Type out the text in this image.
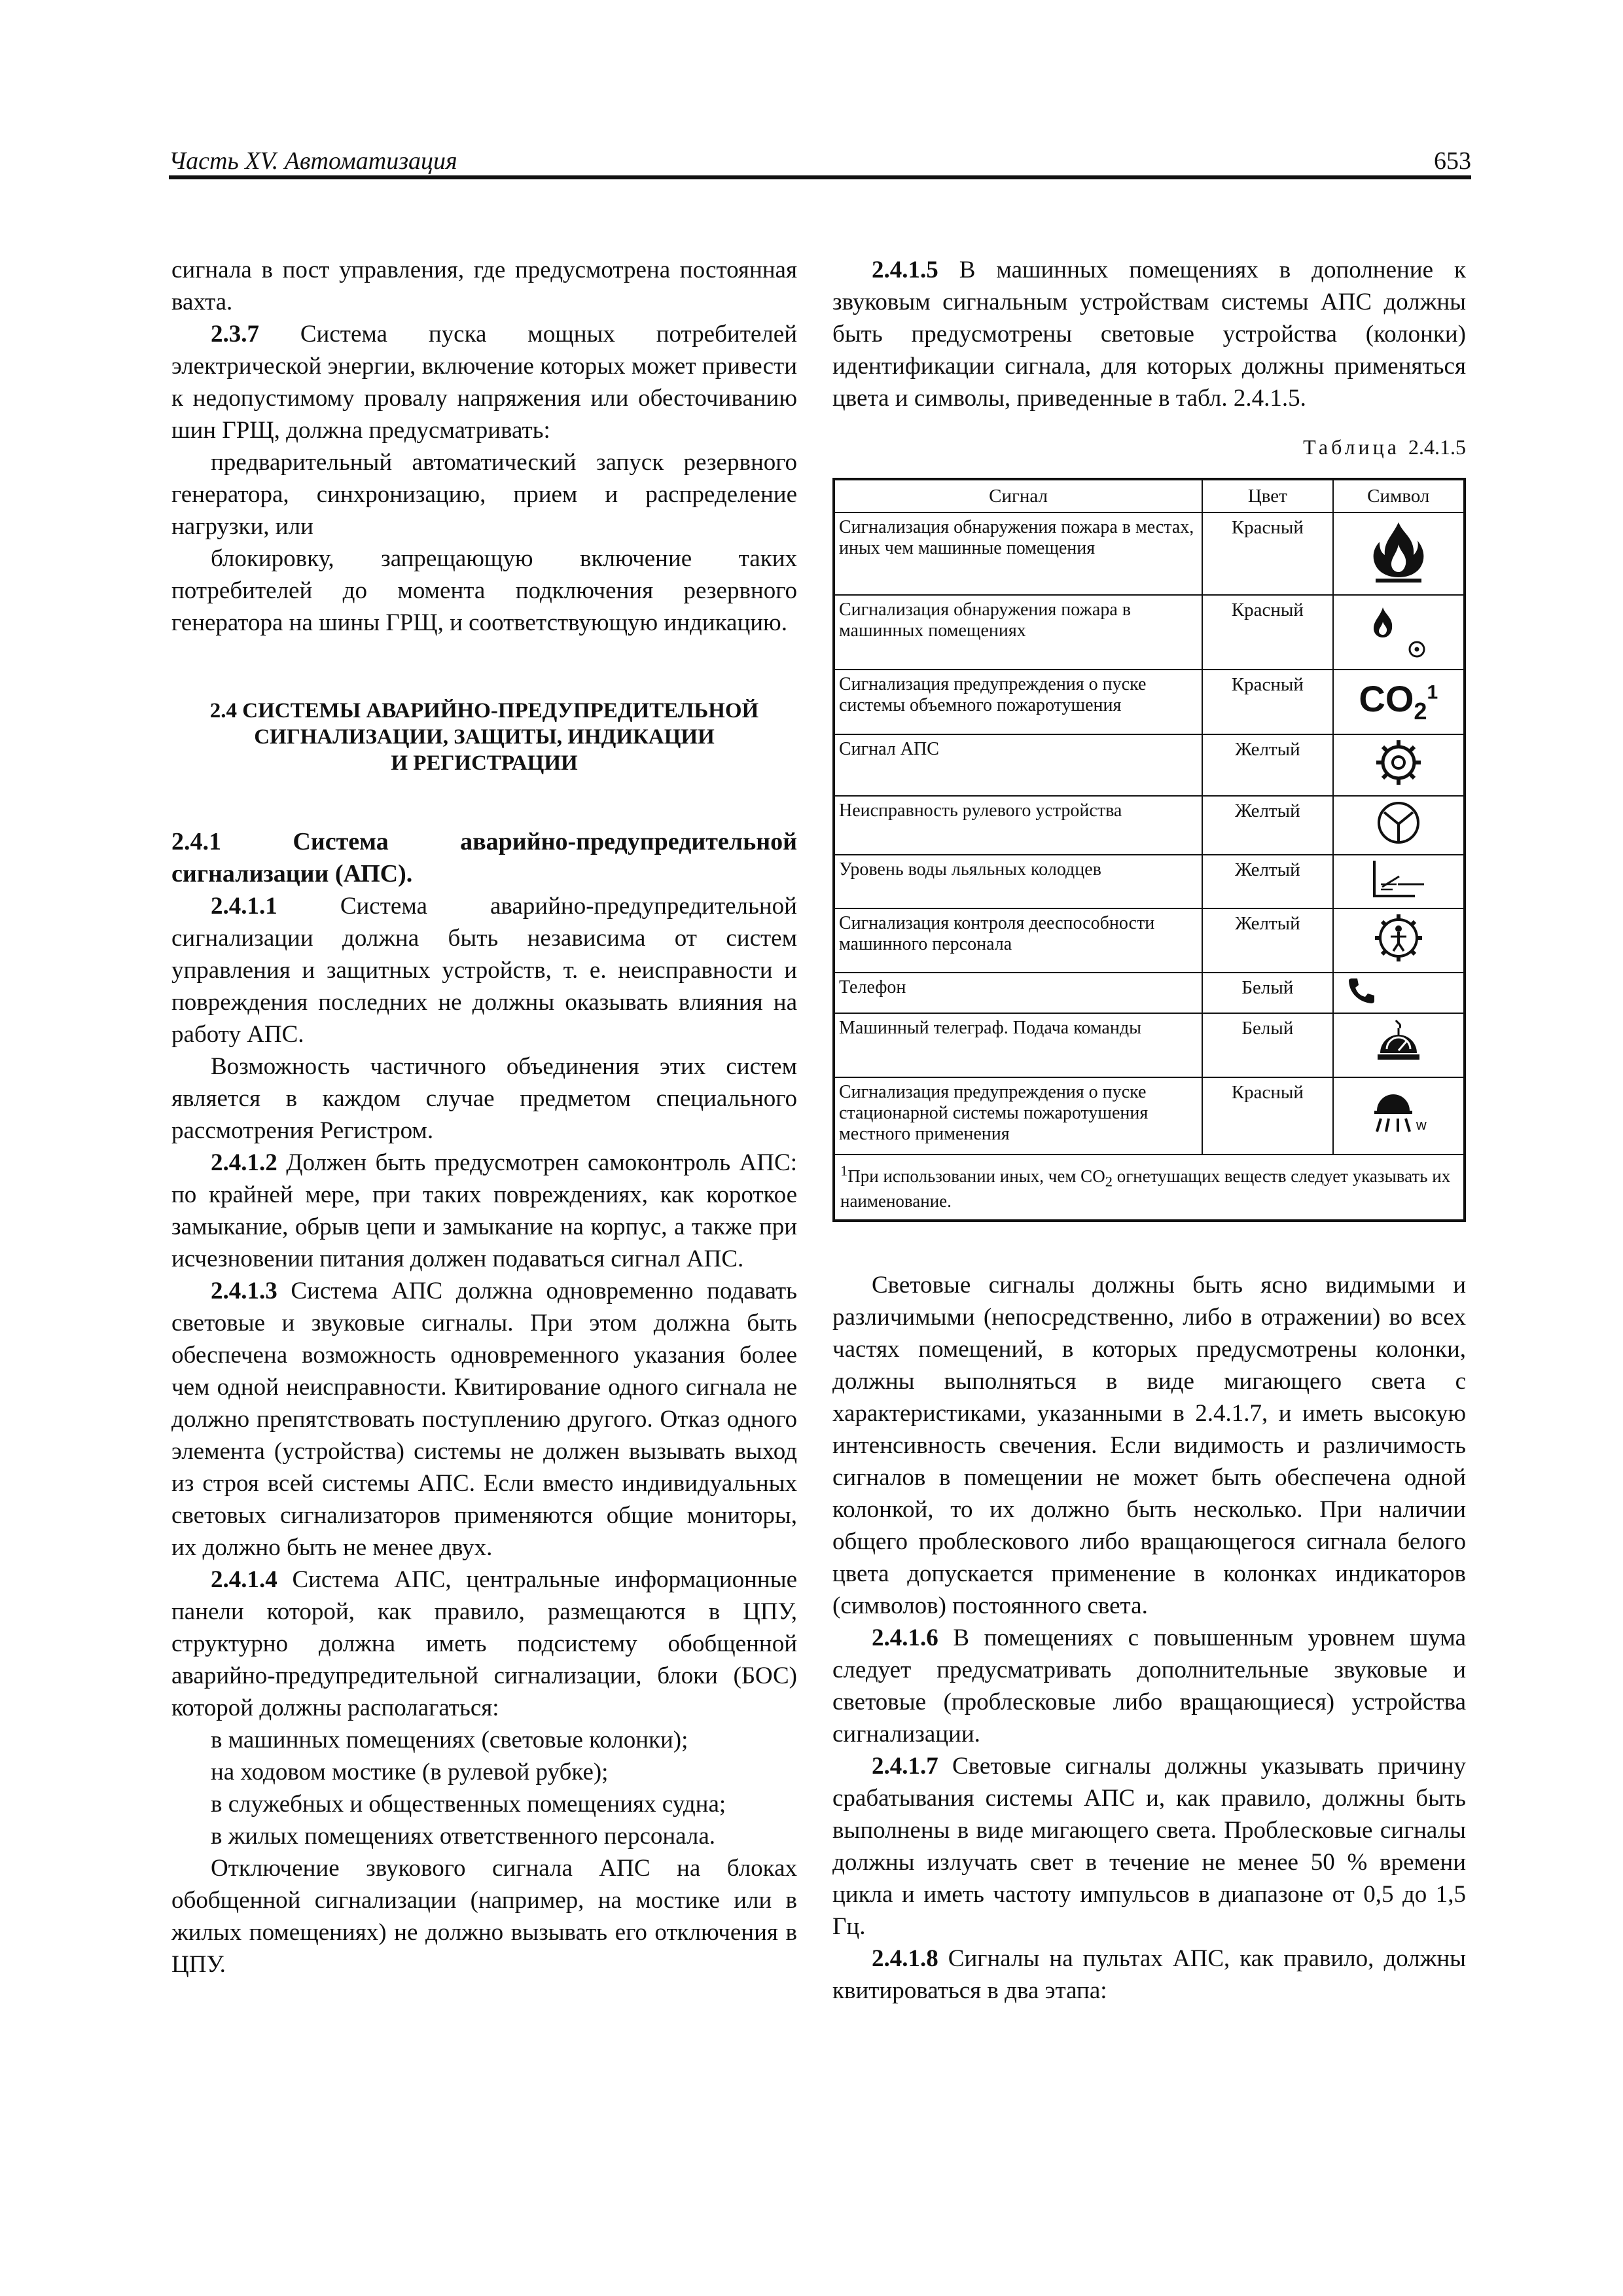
Часть XV. Автоматизация	653

сигнала в пост управления, где предусмотрена постоянная вахта.

2.3.7 Система пуска мощных потребителей электрической энергии, включение которых может привести к недопустимому провалу напряжения или обесточиванию шин ГРЩ, должна предусматривать:

предварительный автоматический запуск резервного генератора, синхронизацию, прием и распределение нагрузки, или

блокировку, запрещающую включение таких потребителей до момента подключения резервного генератора на шины ГРЩ, и соответствующую индикацию.

2.4 СИСТЕМЫ АВАРИЙНО-ПРЕДУПРЕДИТЕЛЬНОЙ
СИГНАЛИЗАЦИИ, ЗАЩИТЫ, ИНДИКАЦИИ
И РЕГИСТРАЦИИ

2.4.1 Система аварийно-предупредительной сигнализации (АПС).

2.4.1.1 Система аварийно-предупредительной сигнализации должна быть независима от систем управления и защитных устройств, т. е. неисправности и повреждения последних не должны оказывать влияния на работу АПС.

Возможность частичного объединения этих систем является в каждом случае предметом специального рассмотрения Регистром.

2.4.1.2 Должен быть предусмотрен самоконтроль АПС: по крайней мере, при таких повреждениях, как короткое замыкание, обрыв цепи и замыкание на корпус, а также при исчезновении питания должен подаваться сигнал АПС.

2.4.1.3 Система АПС должна одновременно подавать световые и звуковые сигналы. При этом должна быть обеспечена возможность одновременного указания более чем одной неисправности. Квитирование одного сигнала не должно препятствовать поступлению другого. Отказ одного элемента (устройства) системы не должен вызывать выход из строя всей системы АПС. Если вместо индивидуальных световых сигнализаторов применяются общие мониторы, их должно быть не менее двух.

2.4.1.4 Система АПС, центральные информационные панели которой, как правило, размещаются в ЦПУ, структурно должна иметь подсистему обобщенной аварийно-предупредительной сигнализации, блоки (БОС) которой должны располагаться:

в машинных помещениях (световые колонки);

на ходовом мостике (в рулевой рубке);

в служебных и общественных помещениях судна;

в жилых помещениях ответственного персонала.

Отключение звукового сигнала АПС на блоках обобщенной сигнализации (например, на мостике или в жилых помещениях) не должно вызывать его отключения в ЦПУ.

2.4.1.5 В машинных помещениях в дополнение к звуковым сигнальным устройствам системы АПС должны быть предусмотрены световые устройства (колонки) идентификации сигнала, для которых должны применяться цвета и символы, приведенные в табл. 2.4.1.5.

Таблица 2.4.1.5
Сигнал	Цвет	Символ
Сигнализация обнаружения пожара в местах, иных чем машинные помещения	Красный	
Сигнализация обнаружения пожара в машинных помещениях	Красный	
Сигнализация предупреждения о пуске системы объемного пожаротушения	Красный	$CO_2^1$
Сигнал АПС	Желтый	
Неисправность рулевого устройства	Желтый	
Уровень воды льяльных колодцев	Желтый	
Сигнализация контроля дееспособности машинного персонала	Желтый	
Телефон	Белый	
Машинный телеграф. Подача команды	Белый	
Сигнализация предупреждения о пуске стационарной системы пожаротушения местного применения	Красный	w

$^1$При использовании иных, чем $CO_2$ огнетушащих веществ следует указывать их наименование.		

Световые сигналы должны быть ясно видимыми и различимыми (непосредственно, либо в отражении) во всех частях помещений, в которых предусмотрены колонки, должны выполняться в виде мигающего света с характеристиками, указанными в 2.4.1.7, и иметь высокую интенсивность свечения. Если видимость и различимость сигналов в помещении не может быть обеспечена одной колонкой, то их должно быть несколько. При наличии общего проблескового либо вращающегося сигнала белого цвета допускается применение в колонках индикаторов (символов) постоянного света.

2.4.1.6 В помещениях с повышенным уровнем шума следует предусматривать дополнительные звуковые и световые (проблесковые либо вращающиеся) устройства сигнализации.

2.4.1.7 Световые сигналы должны указывать причину срабатывания системы АПС и, как правило, должны быть выполнены в виде мигающего света. Проблесковые сигналы должны излучать свет в течение не менее 50 % времени цикла и иметь частоту импульсов в диапазоне от 0,5 до 1,5 Гц.

2.4.1.8 Сигналы на пультах АПС, как правило, должны квитироваться в два этапа:
